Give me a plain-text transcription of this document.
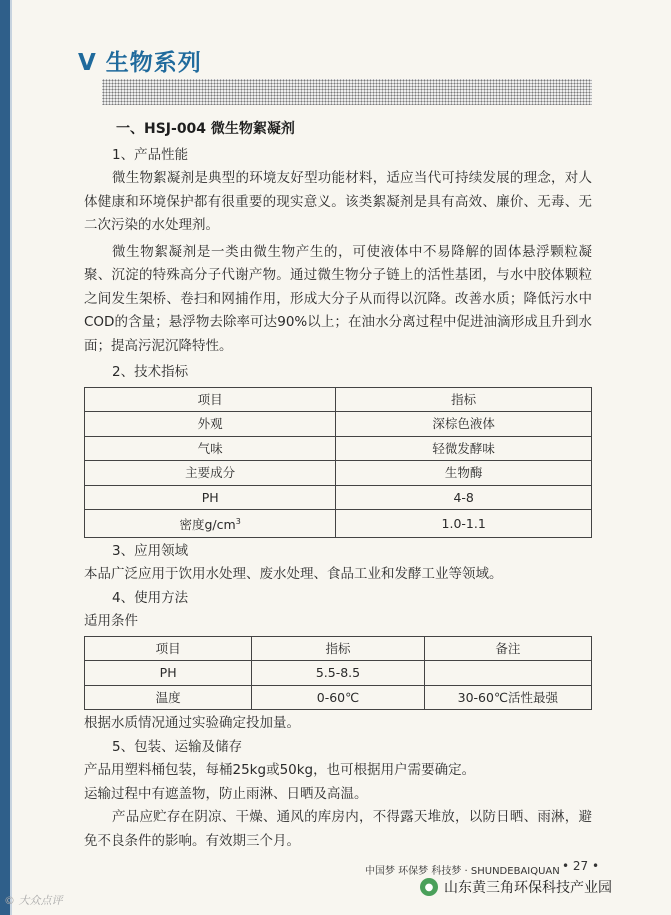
V 生物系列

一、HSJ-004 微生物絮凝剂

1、产品性能

微生物絮凝剂是典型的环境友好型功能材料，适应当代可持续发展的理念，对人体健康和环境保护都有很重要的现实意义。该类絮凝剂是具有高效、廉价、无毒、无二次污染的水处理剂。

微生物絮凝剂是一类由微生物产生的，可使液体中不易降解的固体悬浮颗粒凝聚、沉淀的特殊高分子代谢产物。通过微生物分子链上的活性基团，与水中胶体颗粒之间发生架桥、卷扫和网捕作用，形成大分子从而得以沉降。改善水质；降低污水中COD的含量；悬浮物去除率可达90%以上；在油水分离过程中促进油滴形成且升到水面；提高污泥沉降特性。

2、技术指标

项目	指标
外观	深棕色液体
气味	轻微发酵味
主要成分	生物酶
PH	4-8
密度$g/cm^3$	1.0-1.1

3、应用领域

本品广泛应用于饮用水处理、废水处理、食品工业和发酵工业等领域。

4、使用方法

适用条件

项目	指标	备注
PH	5.5-8.5	
温度	0-60℃	30-60℃活性最强

根据水质情况通过实验确定投加量。

5、包装、运输及储存

产品用塑料桶包装，每桶25kg或50kg，也可根据用户需要确定。

运输过程中有遮盖物，防止雨淋、日晒及高温。

产品应贮存在阴凉、干燥、通风的库房内，不得露天堆放，以防日晒、雨淋，避免不良条件的影响。有效期三个月。

中国梦 环保梦 科技梦 · SHUNDEBAIQUAN • 27 •
© 大众点评
● 山东黄三角环保科技产业园
